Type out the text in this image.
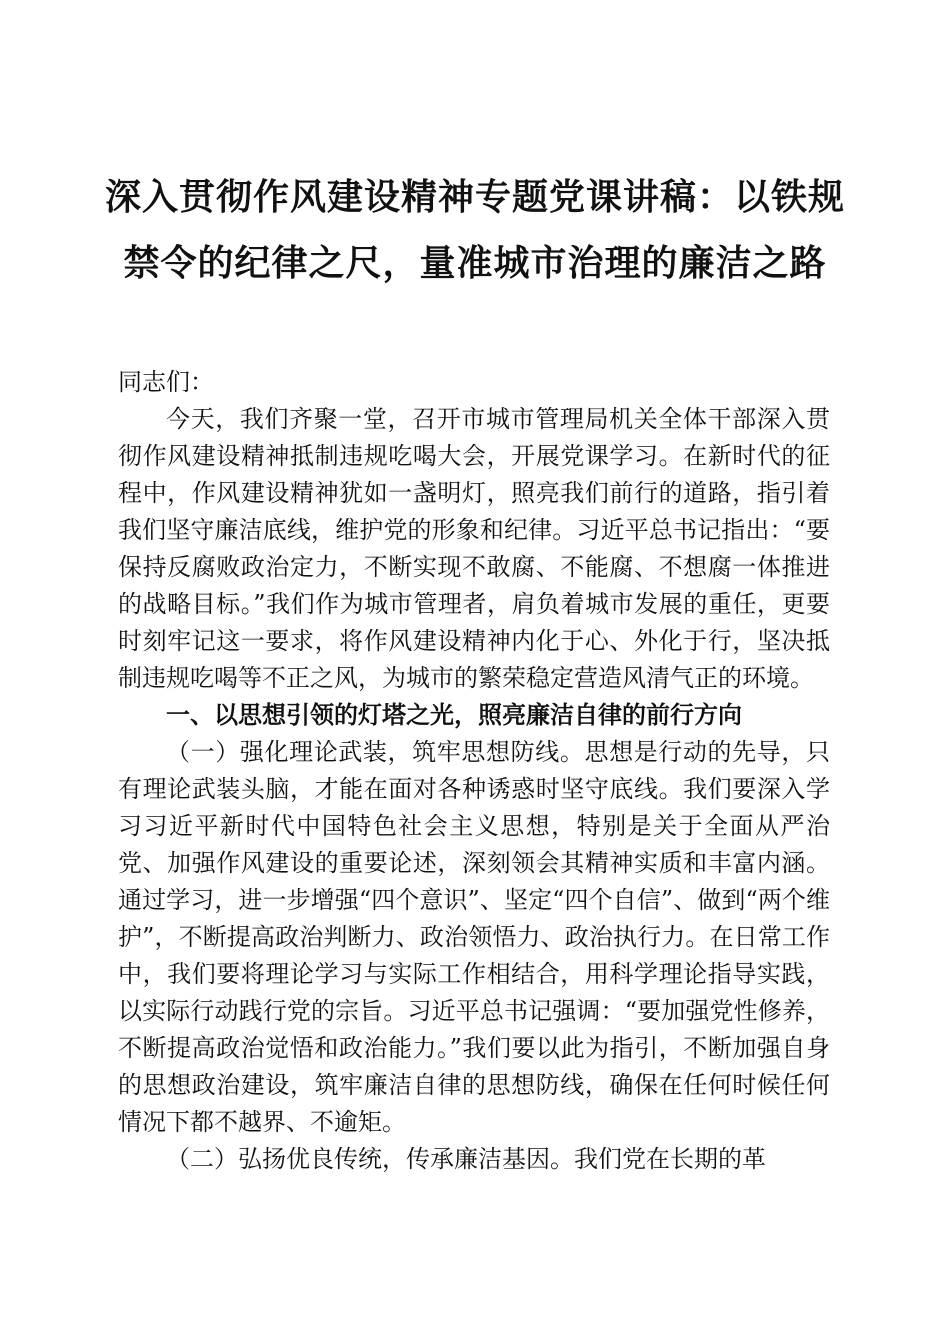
深入贯彻作风建设精神专题党课讲稿：以铁规
禁令的纪律之尺，量准城市治理的廉洁之路

同志们：

今天，我们齐聚一堂，召开市城市管理局机关全体干部深入贯彻作风建设精神抵制违规吃喝大会，开展党课学习。在新时代的征程中，作风建设精神犹如一盏明灯，照亮我们前行的道路，指引着我们坚守廉洁底线，维护党的形象和纪律。习近平总书记指出：“要保持反腐败政治定力，不断实现不敢腐、不能腐、不想腐一体推进的战略目标。”我们作为城市管理者，肩负着城市发展的重任，更要时刻牢记这一要求，将作风建设精神内化于心、外化于行，坚决抵制违规吃喝等不正之风，为城市的繁荣稳定营造风清气正的环境。

一、以思想引领的灯塔之光，照亮廉洁自律的前行方向

（一）强化理论武装，筑牢思想防线。思想是行动的先导，只有理论武装头脑，才能在面对各种诱惑时坚守底线。我们要深入学习习近平新时代中国特色社会主义思想，特别是关于全面从严治党、加强作风建设的重要论述，深刻领会其精神实质和丰富内涵。通过学习，进一步增强“四个意识”、坚定“四个自信”、做到“两个维护”，不断提高政治判断力、政治领悟力、政治执行力。在日常工作中，我们要将理论学习与实际工作相结合，用科学理论指导实践，以实际行动践行党的宗旨。习近平总书记强调：“要加强党性修养，不断提高政治觉悟和政治能力。”我们要以此为指引，不断加强自身的思想政治建设，筑牢廉洁自律的思想防线，确保在任何时候任何情况下都不越界、不逾矩。

（二）弘扬优良传统，传承廉洁基因。我们党在长期的革
